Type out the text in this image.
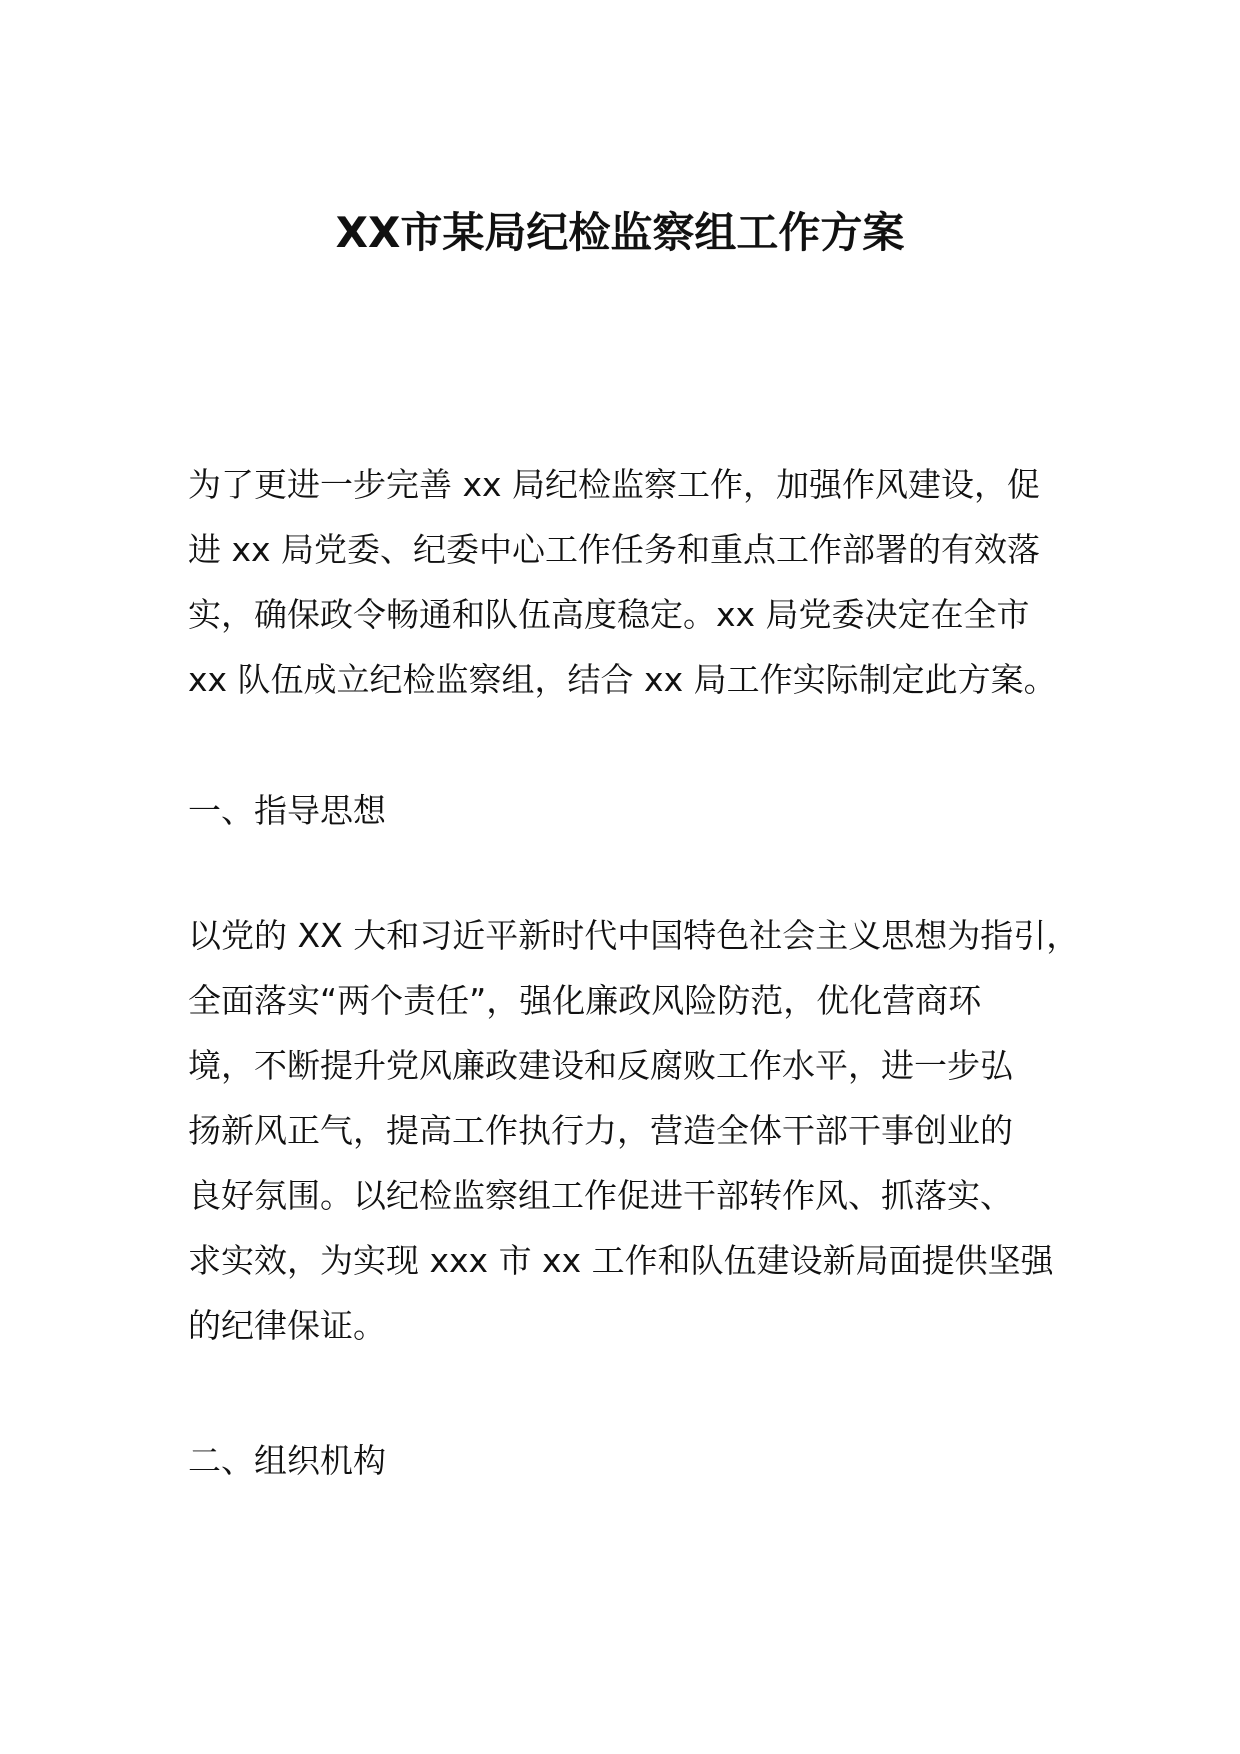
XX市某局纪检监察组工作方案
为了更进一步完善 xx 局纪检监察工作，加强作风建设，促
进 xx 局党委、纪委中心工作任务和重点工作部署的有效落
实，确保政令畅通和队伍高度稳定。xx 局党委决定在全市
xx 队伍成立纪检监察组，结合 xx 局工作实际制定此方案。
一、指导思想
以党的 XX 大和习近平新时代中国特色社会主义思想为指引，
全面落实“两个责任”，强化廉政风险防范，优化营商环
境，不断提升党风廉政建设和反腐败工作水平，进一步弘
扬新风正气，提高工作执行力，营造全体干部干事创业的
良好氛围。以纪检监察组工作促进干部转作风、抓落实、
求实效，为实现 xxx 市 xx 工作和队伍建设新局面提供坚强
的纪律保证。
二、组织机构
